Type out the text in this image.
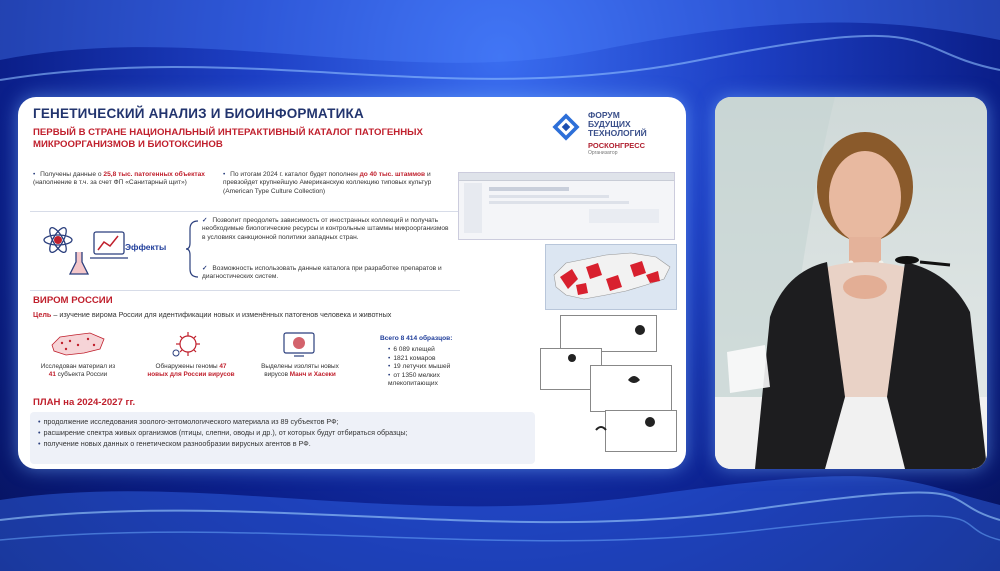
ГЕНЕТИЧЕСКИЙ АНАЛИЗ И БИОИНФОРМАТИКА
ПЕРВЫЙ В СТРАНЕ НАЦИОНАЛЬНЫЙ ИНТЕРАКТИВНЫЙ КАТАЛОГ ПАТОГЕННЫХ МИКРООРГАНИЗМОВ И БИОТОКСИНОВ
ФОРУМ
БУДУЩИХ
ТЕХНОЛОГИЙ
РОСКОНГРЕСС
Организатор
• Получены данные о 25,8 тыс. патогенных объектах (наполнение в т.ч. за счет ФП «Санитарный щит»)
• По итогам 2024 г. каталог будет пополнен до 40 тыс. штаммов и превзойдет крупнейшую Американскую коллекцию типовых культур (American Type Culture Collection)
Эффекты
✓ Позволит преодолеть зависимость от иностранных коллекций и получать необходимые биологические ресурсы и контрольные штаммы микроорганизмов в условиях санкционной политики западных стран.
✓ Возможность использовать данные каталога при разработке препаратов и диагностических систем.
ВИРОМ РОССИИ
Цель – изучение вирома России для идентификации новых и изменённых патогенов человека и животных
Исследован материал из 41 субъекта России
Обнаружены геномы 47 новых для России вирусов
Выделены изоляты новых вирусов Манч и Хасеки
Всего 8 414 образцов:
• 6 089 клещей
• 1821 комаров
• 19 летучих мышей
• от 1350 мелких млекопитающих
ПЛАН на 2024-2027 гг.
• продолжение исследования зоолого-энтомологического материала из 89 субъектов РФ;
• расширение спектра живых организмов (птицы, слепни, оводы и др.), от которых будут отбираться образцы;
• получение новых данных о генетическом разнообразии вирусных агентов в РФ.
